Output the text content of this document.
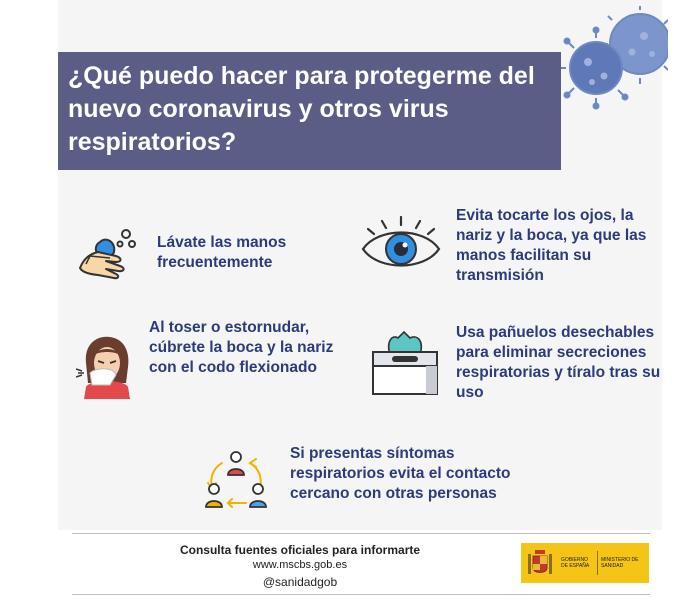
¿Qué puedo hacer para protegerme del nuevo coronavirus y otros virus respiratorios?

Lávate las manos frecuentemente

Evita tocarte los ojos, la nariz y la boca, ya que las manos facilitan su transmisión

Al toser o estornudar, cúbrete la boca y la nariz con el codo flexionado

Usa pañuelos desechables para eliminar secreciones respiratorias y tíralo tras su uso

Si presentas síntomas respiratorios evita el contacto cercano con otras personas

Consulta fuentes oficiales para informarte

www.mscbs.gob.es

@sanidadgob

GOBIERNO DE ESPAÑA

MINISTERIO DE SANIDAD
